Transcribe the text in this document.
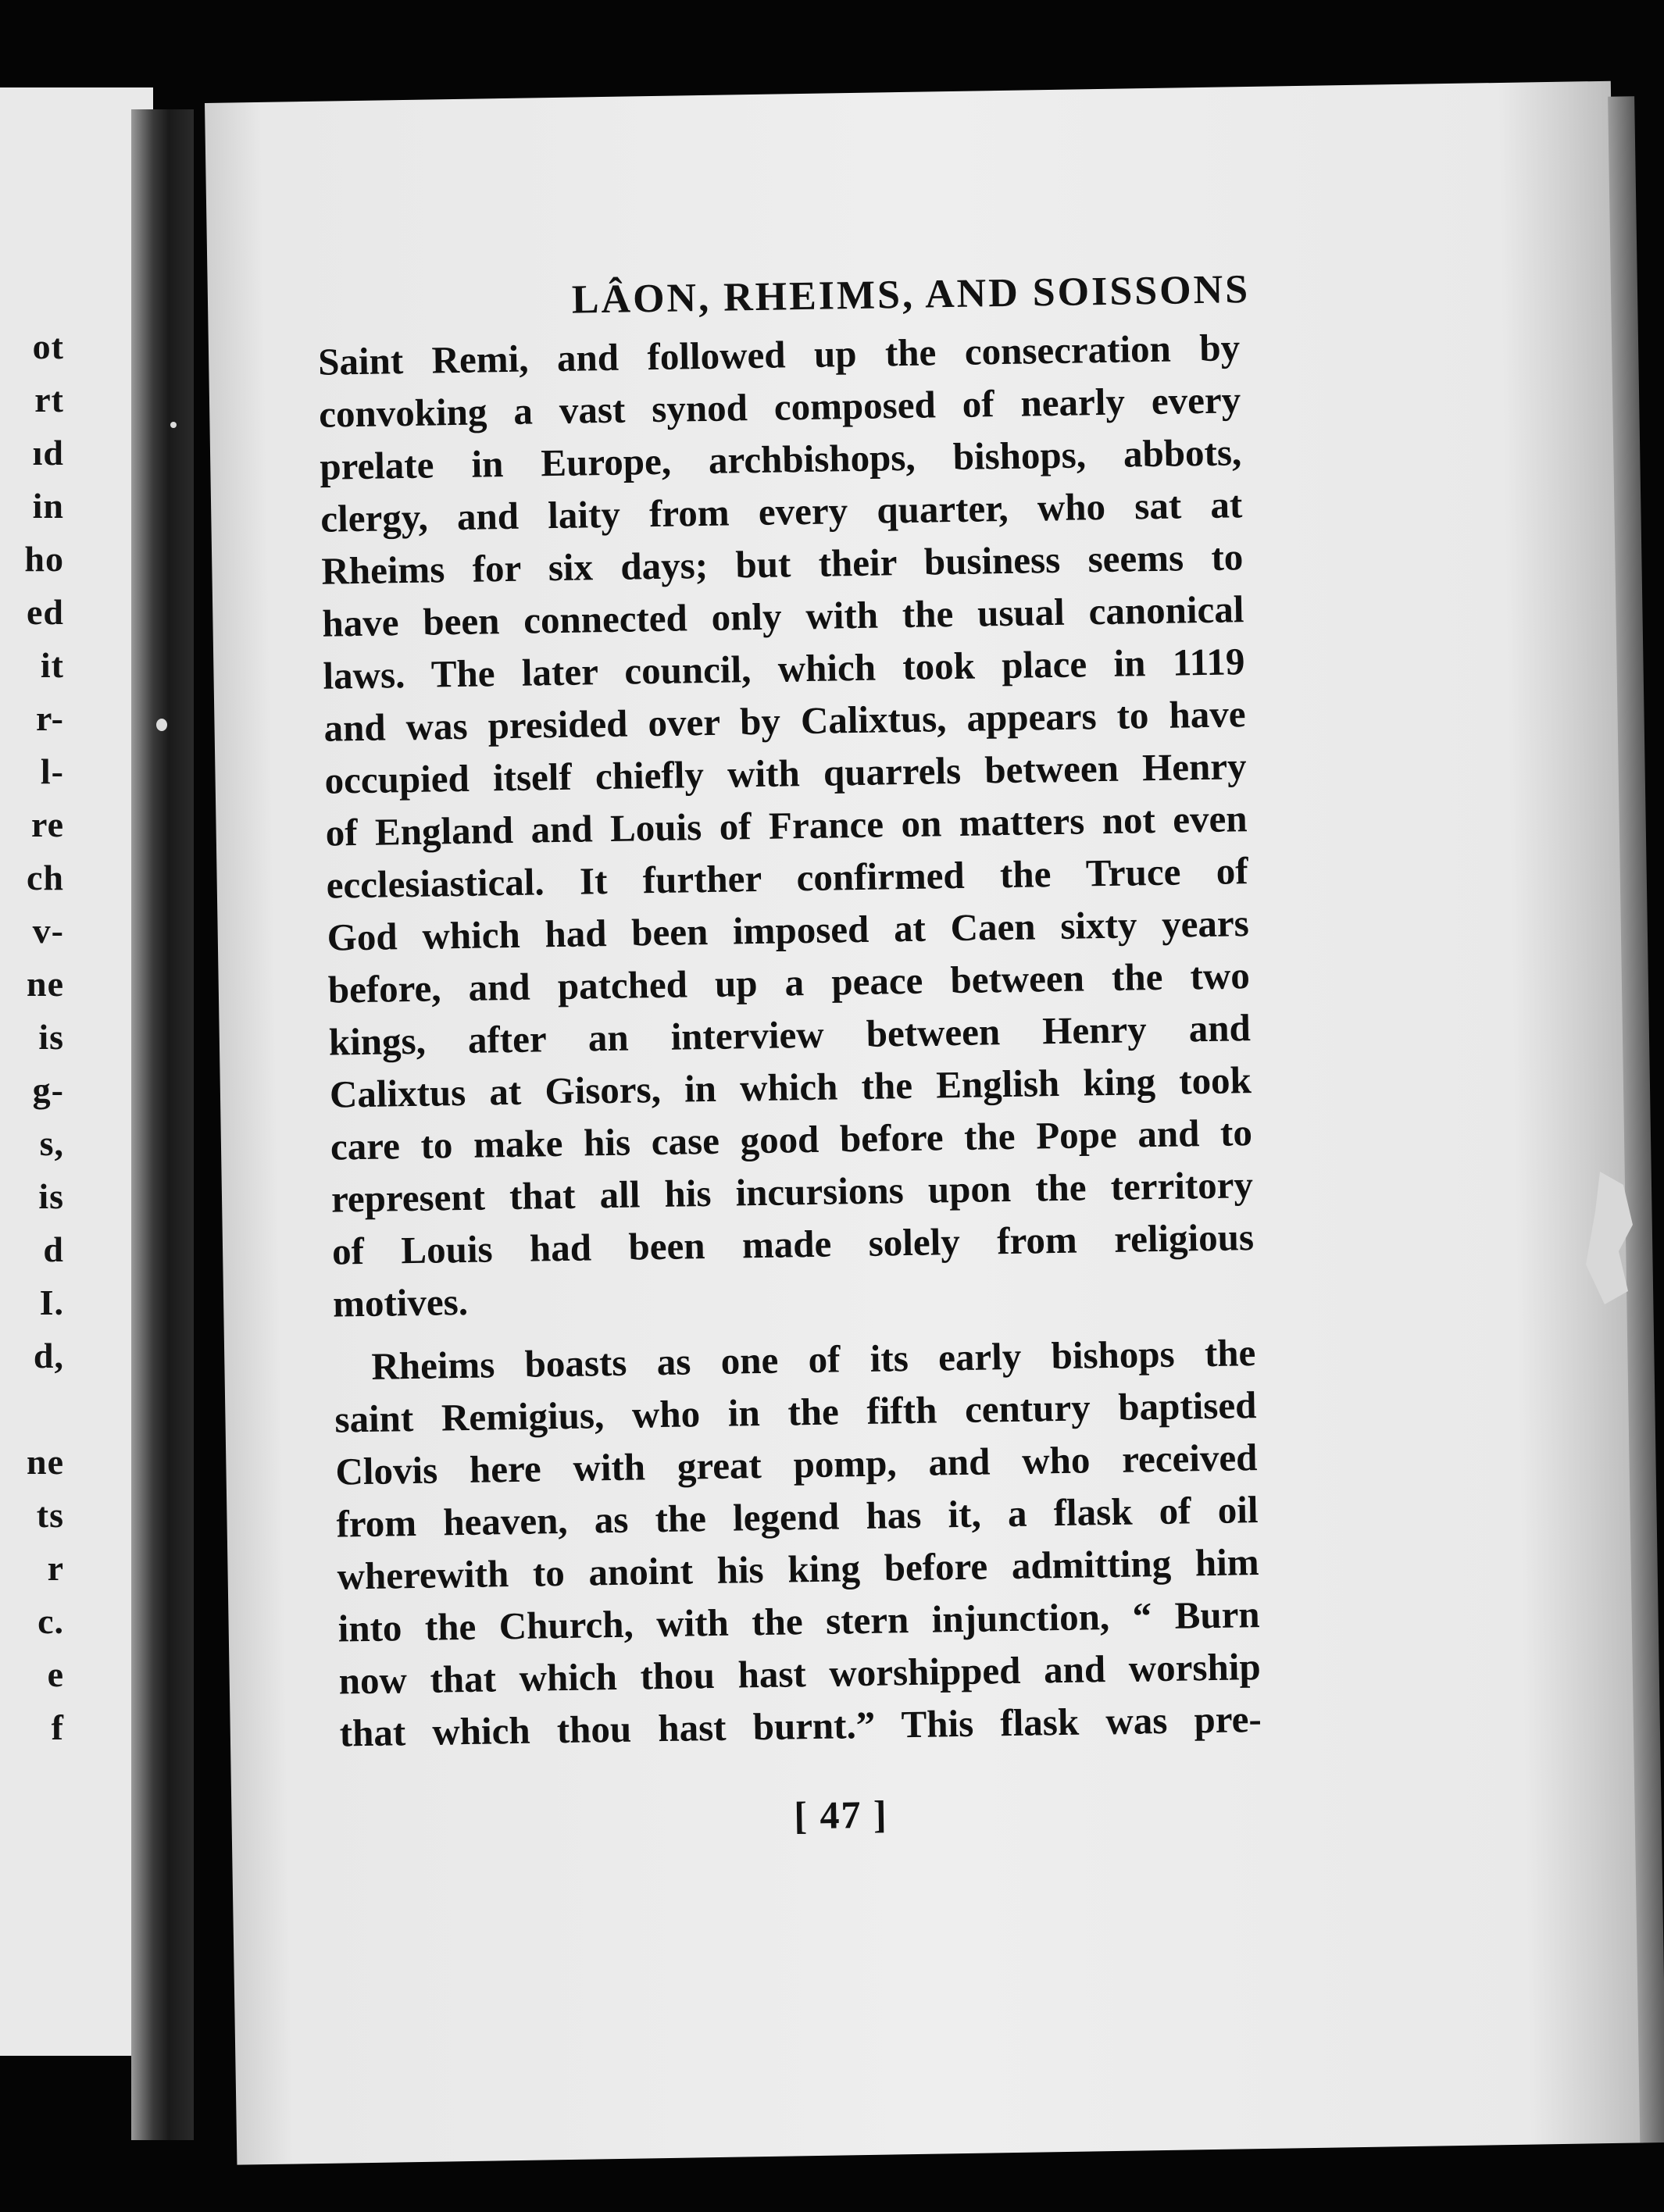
ot
rt
ıd
in
ho
ed
it
r-
l-
re
ch
v-
ne
is
g-
s,
is
d
I.
d,
ne
ts
r
c.
e
f
LÂON, RHEIMS, AND SOISSONS
Saint Remi, and followed up the consecration by
convoking a vast synod composed of nearly every
prelate in Europe, archbishops, bishops, abbots,
clergy, and laity from every quarter, who sat at
Rheims for six days; but their business seems to
have been connected only with the usual canonical
laws. The later council, which took place in 1119
and was presided over by Calixtus, appears to have
occupied itself chiefly with quarrels between Henry
of England and Louis of France on matters not even
ecclesiastical. It further confirmed the Truce of
God which had been imposed at Caen sixty years
before, and patched up a peace between the two
kings, after an interview between Henry and
Calixtus at Gisors, in which the English king took
care to make his case good before the Pope and to
represent that all his incursions upon the territory
of Louis had been made solely from religious
motives.
Rheims boasts as one of its early bishops the
saint Remigius, who in the fifth century baptised
Clovis here with great pomp, and who received
from heaven, as the legend has it, a flask of oil
wherewith to anoint his king before admitting him
into the Church, with the stern injunction, “ Burn
now that which thou hast worshipped and worship
that which thou hast burnt.” This flask was pre-
[ 47 ]
